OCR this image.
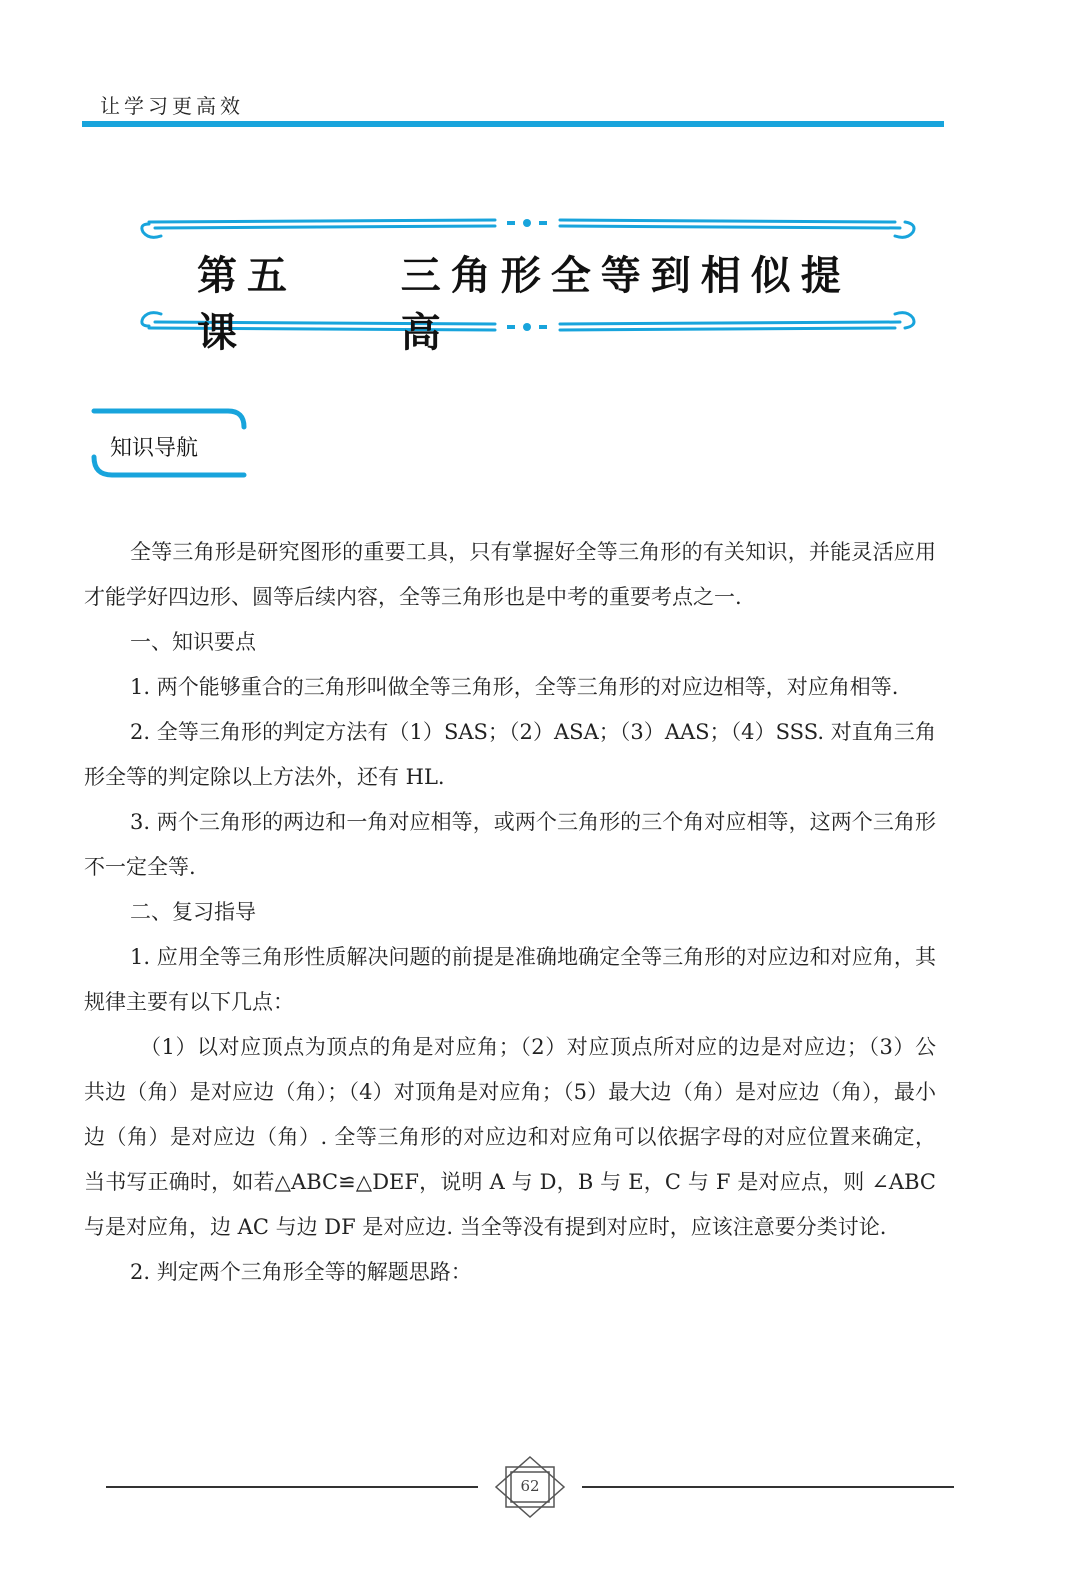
让学习更高效
第五课
三角形全等到相似提高
知识导航

全等三角形是研究图形的重要工具，只有掌握好全等三角形的有关知识，并能灵活应用才能学好四边形、圆等后续内容，全等三角形也是中考的重要考点之一.

一、知识要点

1. 两个能够重合的三角形叫做全等三角形，全等三角形的对应边相等，对应角相等.

2. 全等三角形的判定方法有（1）SAS；（2）ASA；（3）AAS；（4）SSS. 对直角三角形全等的判定除以上方法外，还有 HL.

3. 两个三角形的两边和一角对应相等，或两个三角形的三个角对应相等，这两个三角形不一定全等.

二、复习指导

1. 应用全等三角形性质解决问题的前提是准确地确定全等三角形的对应边和对应角，其规律主要有以下几点：

（1）以对应顶点为顶点的角是对应角；（2）对应顶点所对应的边是对应边；（3）公共边（角）是对应边（角）；（4）对顶角是对应角；（5）最大边（角）是对应边（角），最小边（角）是对应边（角）. 全等三角形的对应边和对应角可以依据字母的对应位置来确定，当书写正确时，如若△ABC≌△DEF，说明 A 与 D，B 与 E，C 与 F 是对应点，则 ∠ABC 与是对应角，边 AC 与边 DF 是对应边. 当全等没有提到对应时，应该注意要分类讨论.

2. 判定两个三角形全等的解题思路：

62
